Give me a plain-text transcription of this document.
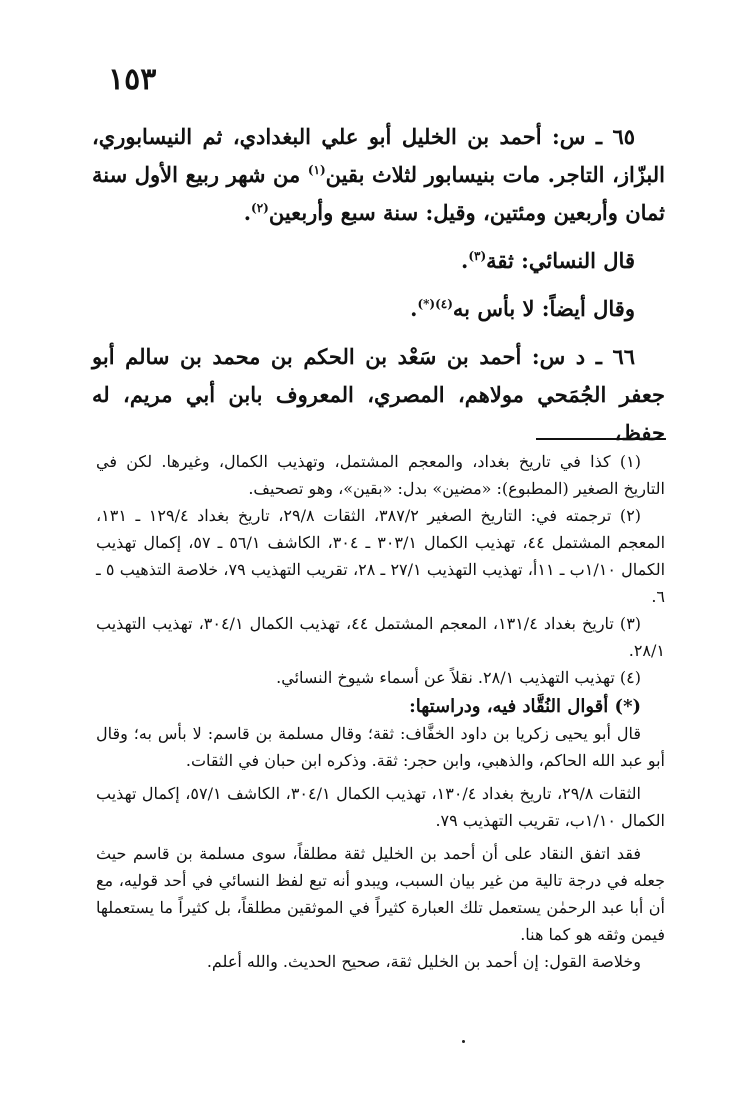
١٥٣

٦٥ ـ س: أحمد بن الخليل أبو علي البغدادي، ثم النيسابوري، البزّاز، التاجر. مات بنيسابور لثلاث بقين$^{(١)}$ من شهر ربيع الأول سنة ثمان وأربعين ومئتين، وقيل: سنة سبع وأربعين$^{(٢)}$.

قال النسائي: ثقة$^{(٣)}$.

وقال أيضاً: لا بأس به$^{(٤)(*)}$.

٦٦ ـ د س: أحمد بن سَعْد بن الحكم بن محمد بن سالم أبو جعفر الجُمَحي مولاهم، المصري، المعروف بابن أبي مريم، له حفظ،

(١) كذا في تاريخ بغداد، والمعجم المشتمل، وتهذيب الكمال، وغيرها. لكن في التاريخ الصغير (المطبوع): «مضين» بدل: «بقين»، وهو تصحيف.

(٢) ترجمته في: التاريخ الصغير ٣٨٧/٢، الثقات ٢٩/٨، تاريخ بغداد ١٢٩/٤ ـ ١٣١، المعجم المشتمل ٤٤، تهذيب الكمال ٣٠٣/١ ـ ٣٠٤، الكاشف ٥٦/١ ـ ٥٧، إكمال تهذيب الكمال ١/١٠ب ـ ١١أ، تهذيب التهذيب ٢٧/١ ـ ٢٨، تقريب التهذيب ٧٩، خلاصة التذهيب ٥ ـ ٦.

(٣) تاريخ بغداد ١٣١/٤، المعجم المشتمل ٤٤، تهذيب الكمال ٣٠٤/١، تهذيب التهذيب ٢٨/١.

(٤) تهذيب التهذيب ٢٨/١. نقلاً عن أسماء شيوخ النسائي.

(*) أقوال النُقَّاد فيه، ودراستها:

قال أبو يحيى زكريا بن داود الخفَّاف: ثقة؛ وقال مسلمة بن قاسم: لا بأس به؛ وقال أبو عبد الله الحاكم، والذهبي، وابن حجر: ثقة. وذكره ابن حبان في الثقات.

الثقات ٢٩/٨، تاريخ بغداد ١٣٠/٤، تهذيب الكمال ٣٠٤/١، الكاشف ٥٧/١، إكمال تهذيب الكمال ١/١٠ب، تقريب التهذيب ٧٩.

فقد اتفق النقاد على أن أحمد بن الخليل ثقة مطلقاً، سوى مسلمة بن قاسم حيث جعله في درجة تالية من غير بيان السبب، ويبدو أنه تبع لفظ النسائي في أحد قوليه، مع أن أبا عبد الرحمٰن يستعمل تلك العبارة كثيراً في الموثقين مطلقاً، بل كثيراً ما يستعملها فيمن وثقه هو كما هنا.

وخلاصة القول: إن أحمد بن الخليل ثقة، صحيح الحديث. والله أعلم.
